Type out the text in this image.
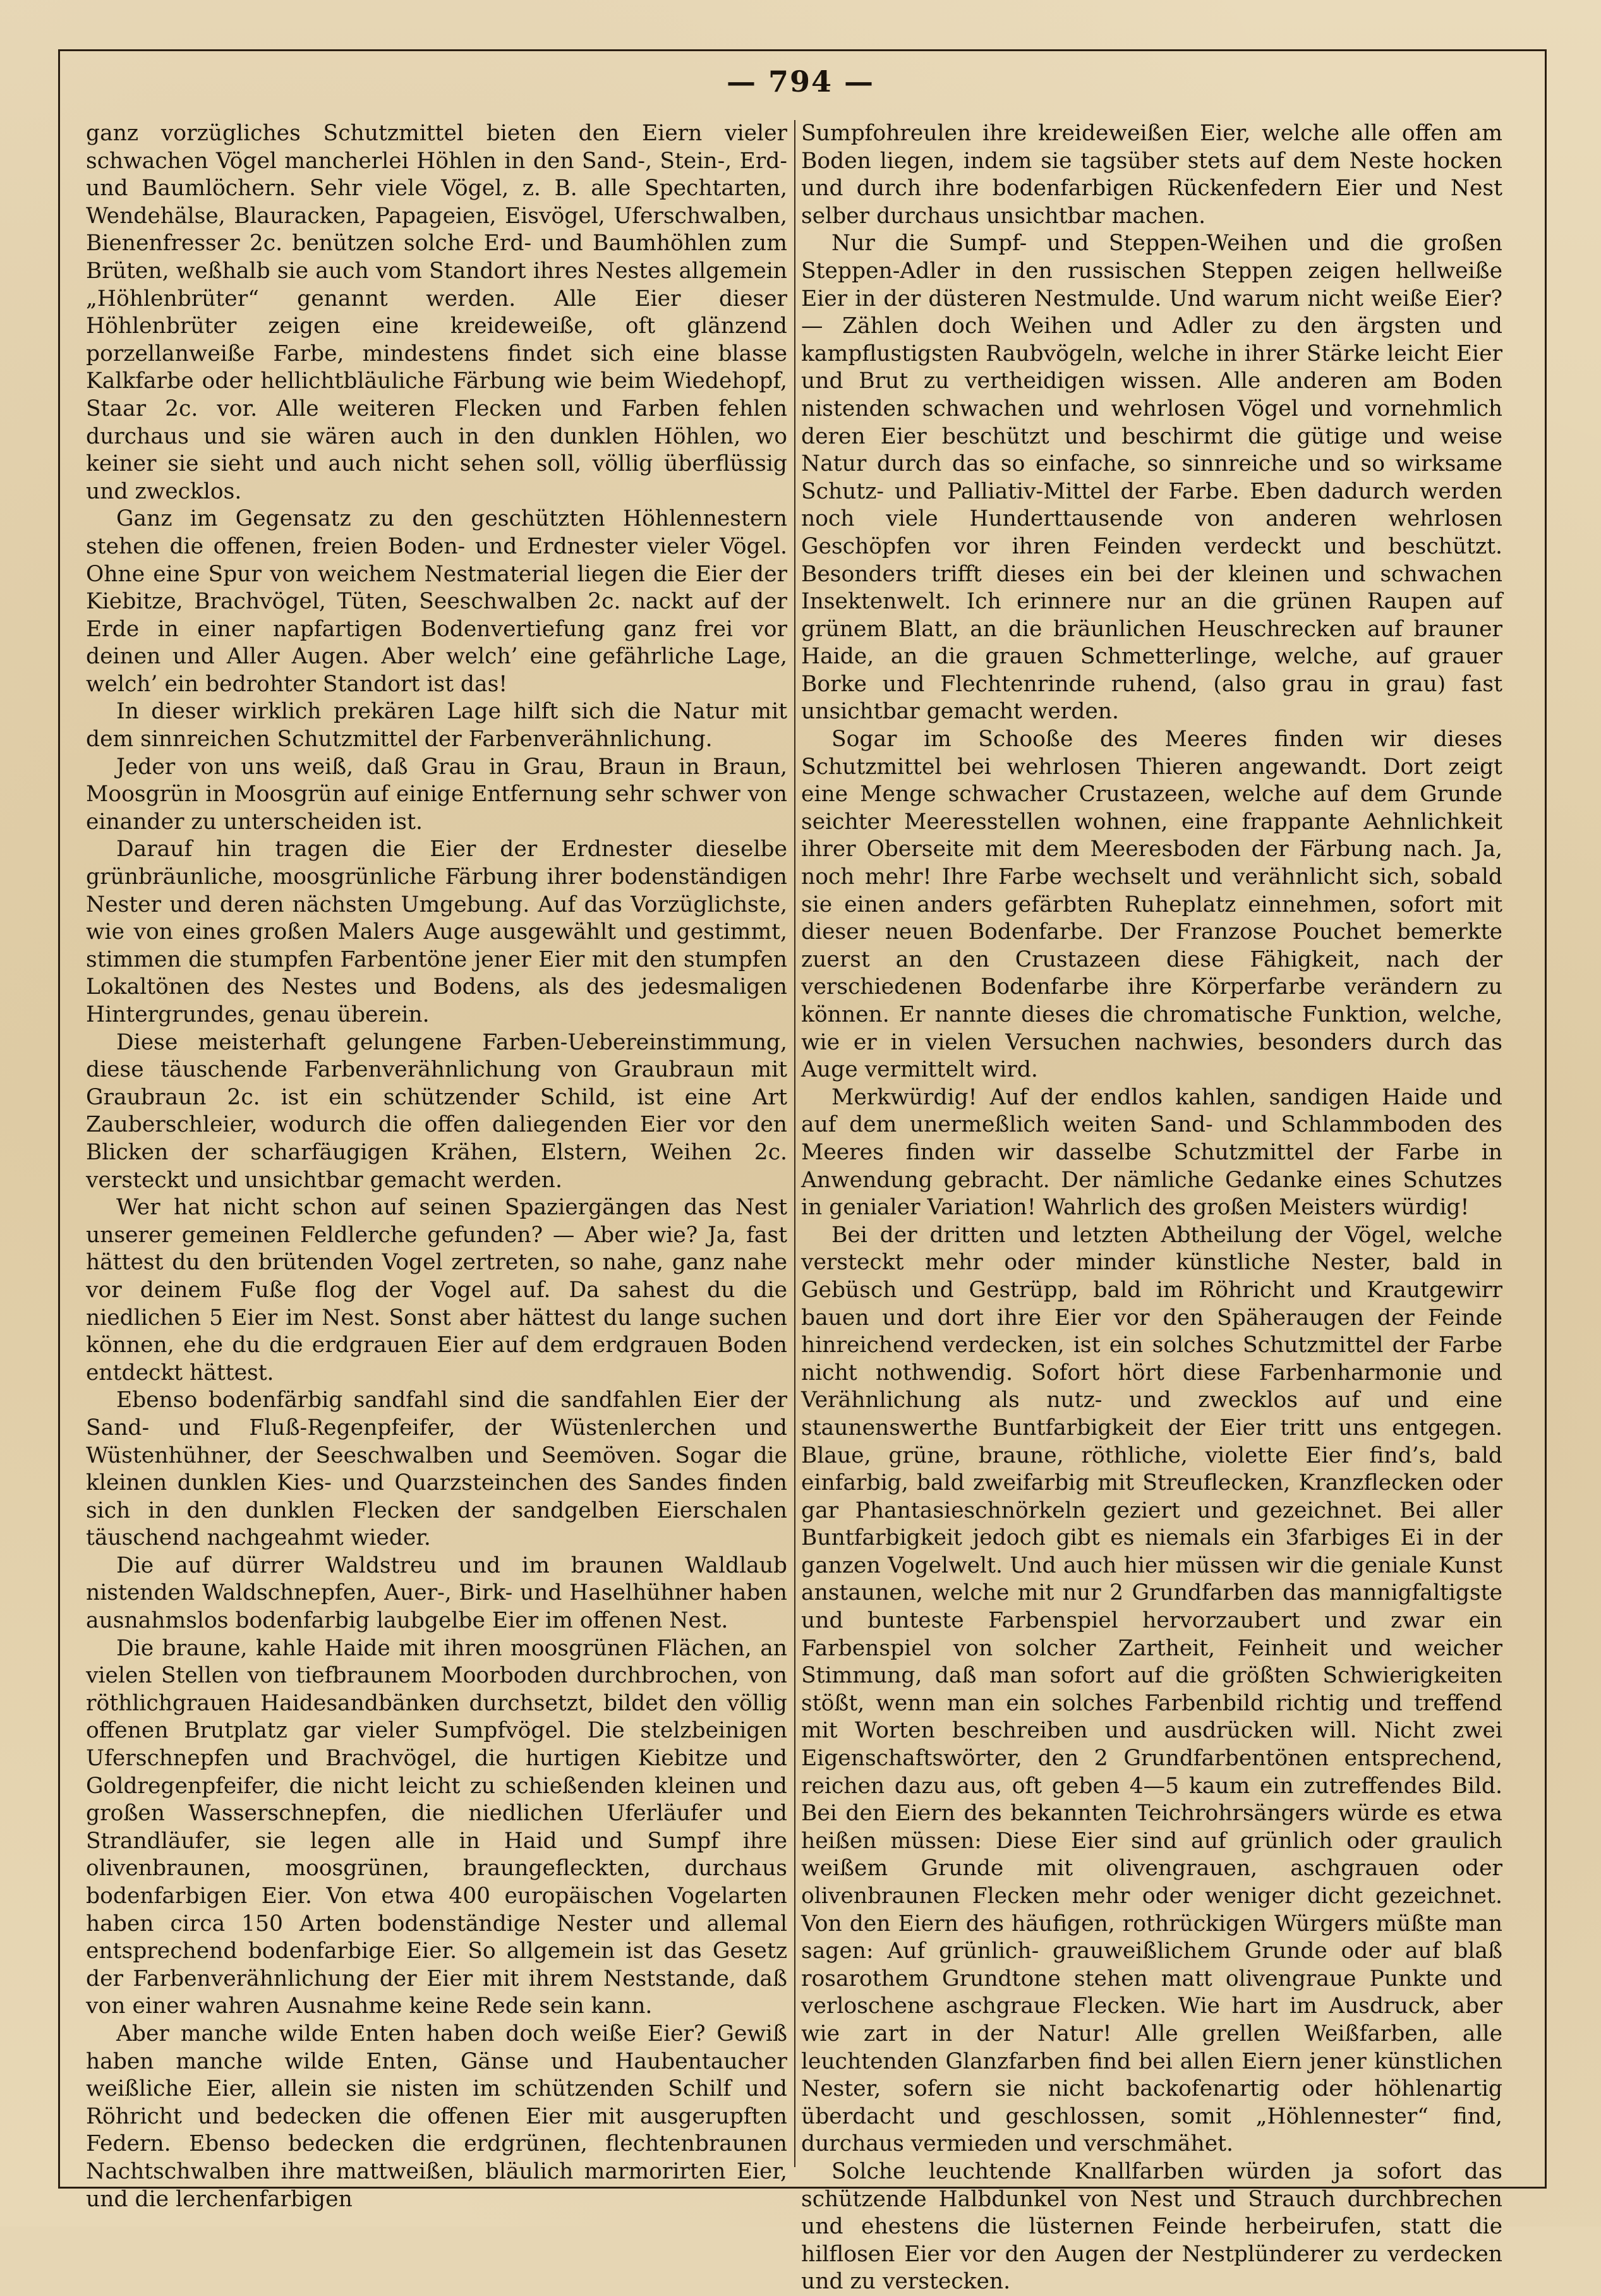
— 794 —

ganz vorzügliches Schutzmittel bieten den Eiern vieler schwachen Vögel mancherlei Höhlen in den Sand-, Stein-, Erd- und Baumlöchern. Sehr viele Vögel, z. B. alle Spechtarten, Wendehälse, Blauracken, Papageien, Eisvögel, Uferschwalben, Bienenfresser 2c. benützen solche Erd- und Baumhöhlen zum Brüten, weßhalb sie auch vom Standort ihres Nestes allgemein „Höhlenbrüter“ genannt werden. Alle Eier dieser Höhlenbrüter zeigen eine kreideweiße, oft glänzend porzellanweiße Farbe, mindestens findet sich eine blasse Kalkfarbe oder hellichtbläuliche Färbung wie beim Wiedehopf, Staar 2c. vor. Alle weiteren Flecken und Farben fehlen durchaus und sie wären auch in den dunklen Höhlen, wo keiner sie sieht und auch nicht sehen soll, völlig überflüssig und zwecklos.

Ganz im Gegensatz zu den geschützten Höhlennestern stehen die offenen, freien Boden- und Erdnester vieler Vögel. Ohne eine Spur von weichem Nestmaterial liegen die Eier der Kiebitze, Brachvögel, Tüten, Seeschwalben 2c. nackt auf der Erde in einer napfartigen Bodenvertiefung ganz frei vor deinen und Aller Augen. Aber welch’ eine gefährliche Lage, welch’ ein bedrohter Standort ist das!

In dieser wirklich prekären Lage hilft sich die Natur mit dem sinnreichen Schutzmittel der Farbenverähnlichung.

Jeder von uns weiß, daß Grau in Grau, Braun in Braun, Moosgrün in Moosgrün auf einige Entfernung sehr schwer von einander zu unterscheiden ist.

Darauf hin tragen die Eier der Erdnester dieselbe grünbräunliche, moosgrünliche Färbung ihrer bodenständigen Nester und deren nächsten Umgebung. Auf das Vorzüglichste, wie von eines großen Malers Auge ausgewählt und gestimmt, stimmen die stumpfen Farbentöne jener Eier mit den stumpfen Lokaltönen des Nestes und Bodens, als des jedesmaligen Hintergrundes, genau überein.

Diese meisterhaft gelungene Farben-Uebereinstimmung, diese täuschende Farbenverähnlichung von Graubraun mit Graubraun 2c. ist ein schützender Schild, ist eine Art Zauberschleier, wodurch die offen daliegenden Eier vor den Blicken der scharfäugigen Krähen, Elstern, Weihen 2c. versteckt und unsichtbar gemacht werden.

Wer hat nicht schon auf seinen Spaziergängen das Nest unserer gemeinen Feldlerche gefunden? — Aber wie? Ja, fast hättest du den brütenden Vogel zertreten, so nahe, ganz nahe vor deinem Fuße flog der Vogel auf. Da sahest du die niedlichen 5 Eier im Nest. Sonst aber hättest du lange suchen können, ehe du die erdgrauen Eier auf dem erdgrauen Boden entdeckt hättest.

Ebenso bodenfärbig sandfahl sind die sandfahlen Eier der Sand- und Fluß-Regenpfeifer, der Wüstenlerchen und Wüstenhühner, der Seeschwalben und Seemöven. Sogar die kleinen dunklen Kies- und Quarzsteinchen des Sandes finden sich in den dunklen Flecken der sandgelben Eierschalen täuschend nachgeahmt wieder.

Die auf dürrer Waldstreu und im braunen Waldlaub nistenden Waldschnepfen, Auer-, Birk- und Haselhühner haben ausnahmslos bodenfarbig laubgelbe Eier im offenen Nest.

Die braune, kahle Haide mit ihren moosgrünen Flächen, an vielen Stellen von tiefbraunem Moorboden durchbrochen, von röthlichgrauen Haidesandbänken durchsetzt, bildet den völlig offenen Brutplatz gar vieler Sumpfvögel. Die stelzbeinigen Uferschnepfen und Brachvögel, die hurtigen Kiebitze und Goldregenpfeifer, die nicht leicht zu schießenden kleinen und großen Wasserschnepfen, die niedlichen Uferläufer und Strandläufer, sie legen alle in Haid und Sumpf ihre olivenbraunen, moosgrünen, braungefleckten, durchaus bodenfarbigen Eier. Von etwa 400 europäischen Vogelarten haben circa 150 Arten bodenständige Nester und allemal entsprechend bodenfarbige Eier. So allgemein ist das Gesetz der Farbenverähnlichung der Eier mit ihrem Neststande, daß von einer wahren Ausnahme keine Rede sein kann.

Aber manche wilde Enten haben doch weiße Eier? Gewiß haben manche wilde Enten, Gänse und Haubentaucher weißliche Eier, allein sie nisten im schützenden Schilf und Röhricht und bedecken die offenen Eier mit ausgerupften Federn. Ebenso bedecken die erdgrünen, flechtenbraunen Nachtschwalben ihre mattweißen, bläulich marmorirten Eier, und die lerchenfarbigen

Sumpfohreulen ihre kreideweißen Eier, welche alle offen am Boden liegen, indem sie tagsüber stets auf dem Neste hocken und durch ihre bodenfarbigen Rückenfedern Eier und Nest selber durchaus unsichtbar machen.

Nur die Sumpf- und Steppen-Weihen und die großen Steppen-Adler in den russischen Steppen zeigen hellweiße Eier in der düsteren Nestmulde. Und warum nicht weiße Eier? — Zählen doch Weihen und Adler zu den ärgsten und kampflustigsten Raubvögeln, welche in ihrer Stärke leicht Eier und Brut zu vertheidigen wissen. Alle anderen am Boden nistenden schwachen und wehrlosen Vögel und vornehmlich deren Eier beschützt und beschirmt die gütige und weise Natur durch das so einfache, so sinnreiche und so wirksame Schutz- und Palliativ-Mittel der Farbe. Eben dadurch werden noch viele Hunderttausende von anderen wehrlosen Geschöpfen vor ihren Feinden verdeckt und beschützt. Besonders trifft dieses ein bei der kleinen und schwachen Insektenwelt. Ich erinnere nur an die grünen Raupen auf grünem Blatt, an die bräunlichen Heuschrecken auf brauner Haide, an die grauen Schmetterlinge, welche, auf grauer Borke und Flechtenrinde ruhend, (also grau in grau) fast unsichtbar gemacht werden.

Sogar im Schooße des Meeres finden wir dieses Schutzmittel bei wehrlosen Thieren angewandt. Dort zeigt eine Menge schwacher Crustazeen, welche auf dem Grunde seichter Meeresstellen wohnen, eine frappante Aehnlichkeit ihrer Oberseite mit dem Meeresboden der Färbung nach. Ja, noch mehr! Ihre Farbe wechselt und verähnlicht sich, sobald sie einen anders gefärbten Ruheplatz einnehmen, sofort mit dieser neuen Bodenfarbe. Der Franzose Pouchet bemerkte zuerst an den Crustazeen diese Fähigkeit, nach der verschiedenen Bodenfarbe ihre Körperfarbe verändern zu können. Er nannte dieses die chromatische Funktion, welche, wie er in vielen Versuchen nachwies, besonders durch das Auge vermittelt wird.

Merkwürdig! Auf der endlos kahlen, sandigen Haide und auf dem unermeßlich weiten Sand- und Schlammboden des Meeres finden wir dasselbe Schutzmittel der Farbe in Anwendung gebracht. Der nämliche Gedanke eines Schutzes in genialer Variation! Wahrlich des großen Meisters würdig!

Bei der dritten und letzten Abtheilung der Vögel, welche versteckt mehr oder minder künstliche Nester, bald in Gebüsch und Gestrüpp, bald im Röhricht und Krautgewirr bauen und dort ihre Eier vor den Späheraugen der Feinde hinreichend verdecken, ist ein solches Schutzmittel der Farbe nicht nothwendig. Sofort hört diese Farbenharmonie und Verähnlichung als nutz- und zwecklos auf und eine staunenswerthe Buntfarbigkeit der Eier tritt uns entgegen. Blaue, grüne, braune, röthliche, violette Eier find’s, bald einfarbig, bald zweifarbig mit Streuflecken, Kranzflecken oder gar Phantasieschnörkeln geziert und gezeichnet. Bei aller Buntfarbigkeit jedoch gibt es niemals ein 3farbiges Ei in der ganzen Vogelwelt. Und auch hier müssen wir die geniale Kunst anstaunen, welche mit nur 2 Grundfarben das mannigfaltigste und bunteste Farbenspiel hervorzaubert und zwar ein Farbenspiel von solcher Zartheit, Feinheit und weicher Stimmung, daß man sofort auf die größten Schwierigkeiten stößt, wenn man ein solches Farbenbild richtig und treffend mit Worten beschreiben und ausdrücken will. Nicht zwei Eigenschaftswörter, den 2 Grundfarbentönen entsprechend, reichen dazu aus, oft geben 4—5 kaum ein zutreffendes Bild. Bei den Eiern des bekannten Teichrohrsängers würde es etwa heißen müssen: Diese Eier sind auf grünlich oder graulich weißem Grunde mit olivengrauen, aschgrauen oder olivenbraunen Flecken mehr oder weniger dicht gezeichnet. Von den Eiern des häufigen, rothrückigen Würgers müßte man sagen: Auf grünlich- grauweißlichem Grunde oder auf blaß rosarothem Grundtone stehen matt olivengraue Punkte und verloschene aschgraue Flecken. Wie hart im Ausdruck, aber wie zart in der Natur! Alle grellen Weißfarben, alle leuchtenden Glanzfarben find bei allen Eiern jener künstlichen Nester, sofern sie nicht backofenartig oder höhlenartig überdacht und geschlossen, somit „Höhlennester“ find, durchaus vermieden und verschmähet.

Solche leuchtende Knallfarben würden ja sofort das schützende Halbdunkel von Nest und Strauch durchbrechen und ehestens die lüsternen Feinde herbeirufen, statt die hilflosen Eier vor den Augen der Nestplünderer zu verdecken und zu verstecken.
